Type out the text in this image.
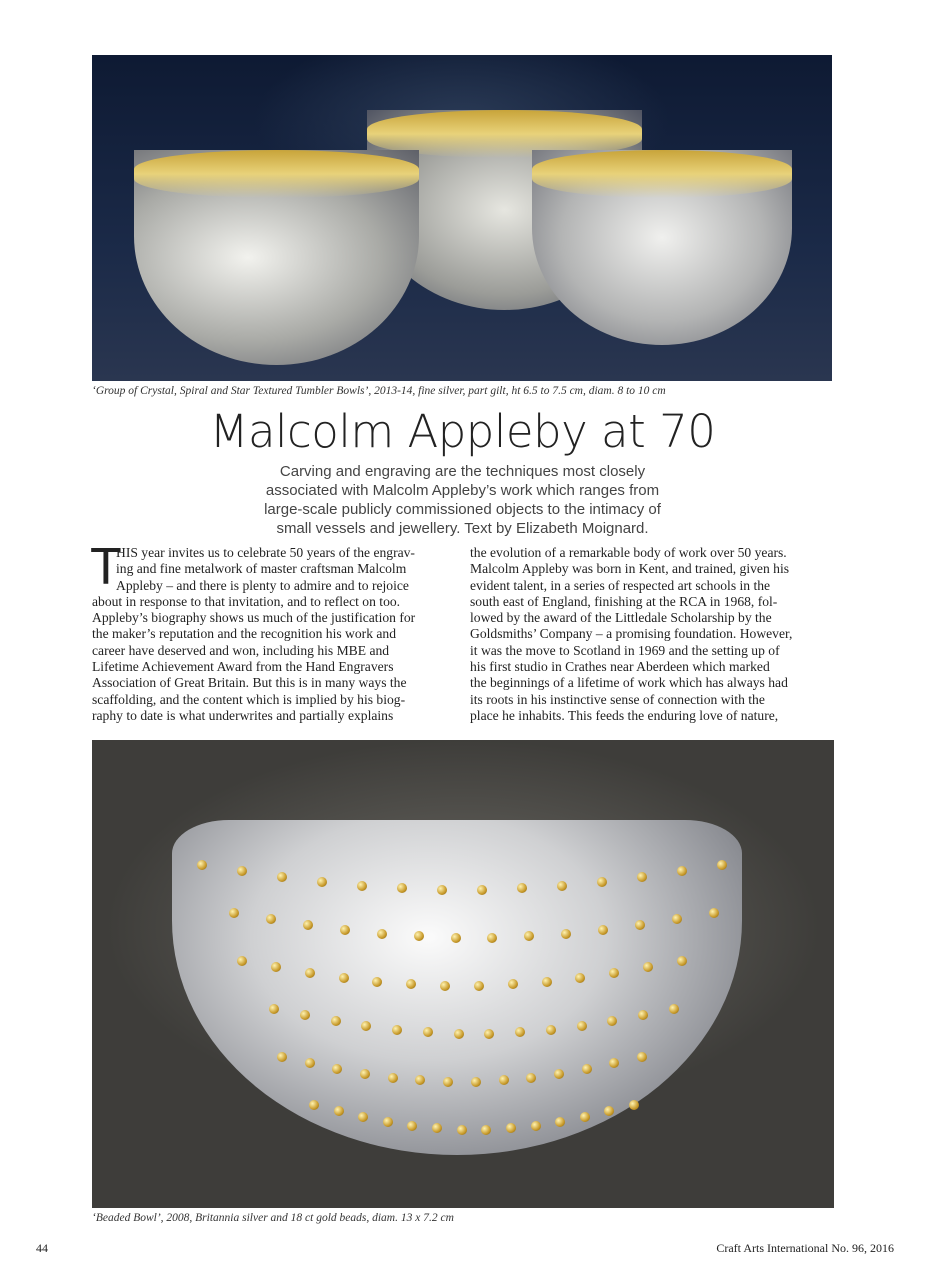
‘Group of Crystal, Spiral and Star Textured Tumbler Bowls’, 2013-14, fine silver, part gilt, ht 6.5 to 7.5 cm, diam. 8 to 10 cm
Malcolm Appleby at 70
Carving and engraving are the techniques most closely
associated with Malcolm Appleby’s work which ranges from
large-scale publicly commissioned objects to the intimacy of
small vessels and jewellery. Text by Elizabeth Moignard.
T
HIS year invites us to celebrate 50 years of the engrav-
ing and fine metalwork of master craftsman Malcolm
Appleby – and there is plenty to admire and to rejoice
about in response to that invitation, and to reflect on too.
Appleby’s biography shows us much of the justification for
the maker’s reputation and the recognition his work and
career have deserved and won, including his MBE and
Lifetime Achievement Award from the Hand Engravers
Association of Great Britain. But this is in many ways the
scaffolding, and the content which is implied by his biog-
raphy to date is what underwrites and partially explains
the evolution of a remarkable body of work over 50 years.
Malcolm Appleby was born in Kent, and trained, given his
evident talent, in a series of respected art schools in the
south east of England, finishing at the RCA in 1968, fol-
lowed by the award of the Littledale Scholarship by the
Goldsmiths’ Company – a promising foundation. However,
it was the move to Scotland in 1969 and the setting up of
his first studio in Crathes near Aberdeen which marked
the beginnings of a lifetime of work which has always had
its roots in his instinctive sense of connection with the
place he inhabits. This feeds the enduring love of nature,
‘Beaded Bowl’, 2008, Britannia silver and 18 ct gold beads, diam. 13 x 7.2 cm
44	Craft Arts International No. 96, 2016
